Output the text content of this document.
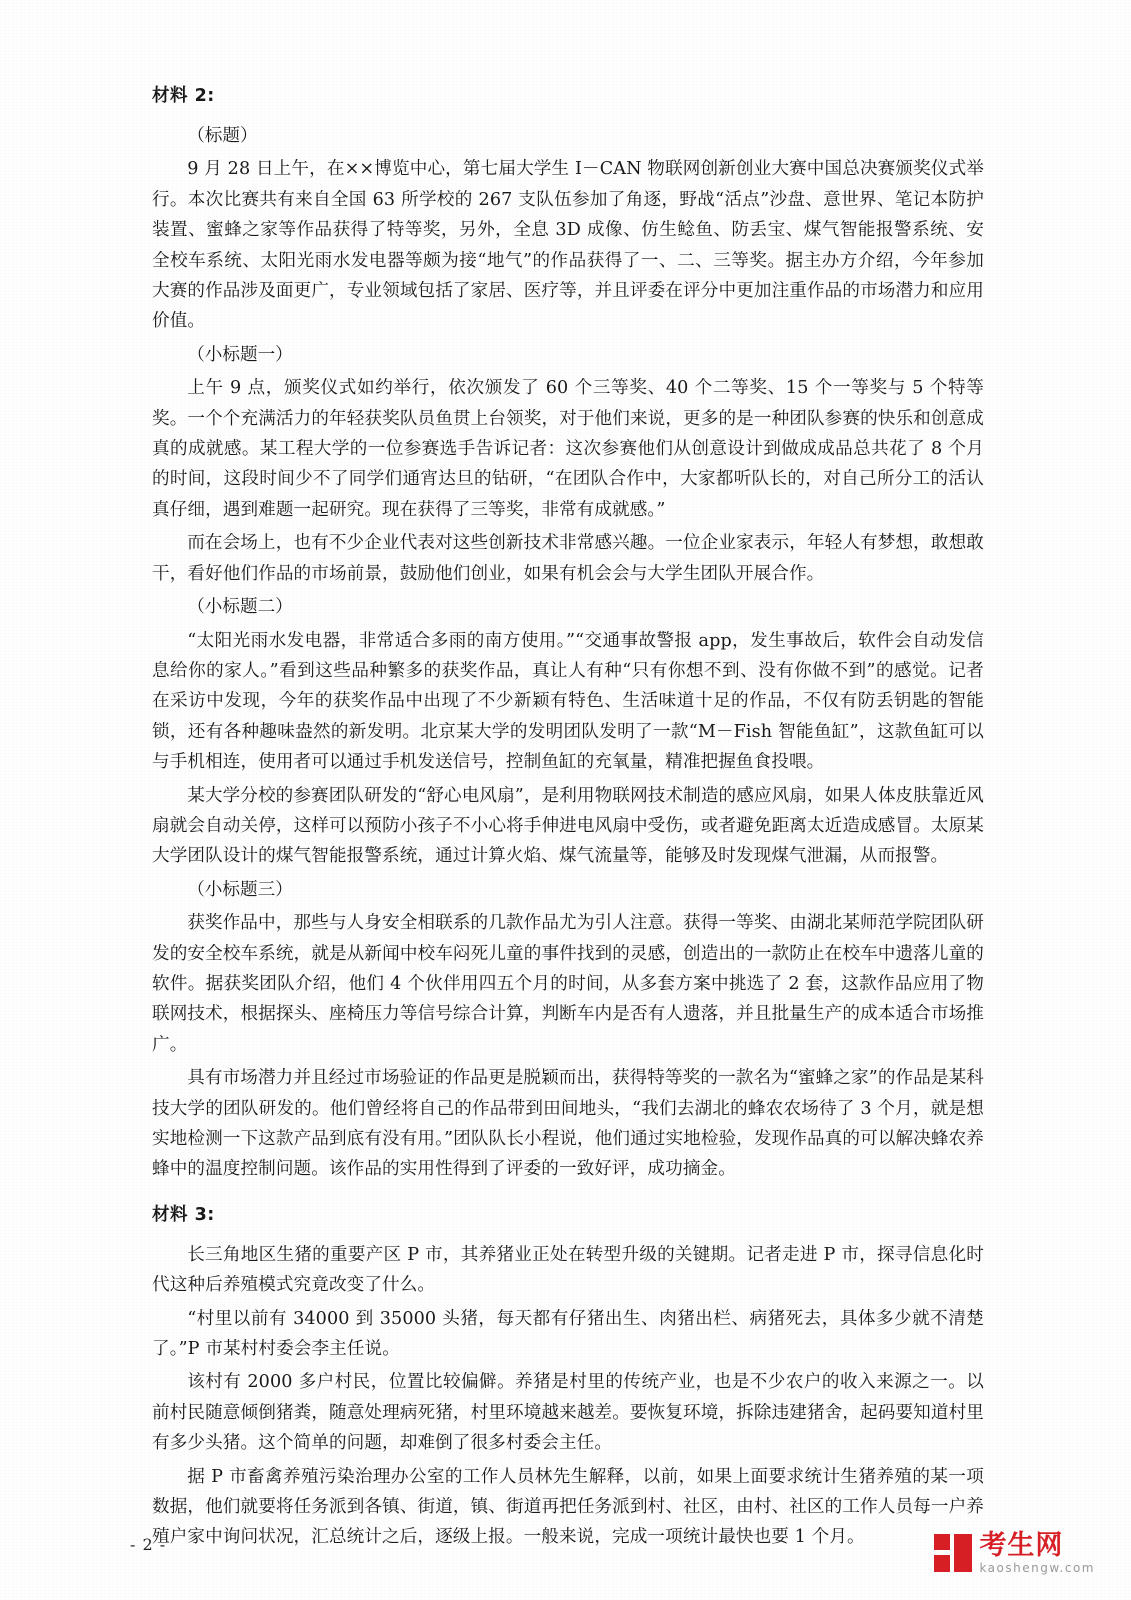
材料 2:

（标题）

9 月 28 日上午，在××博览中心，第七届大学生 I－CAN 物联网创新创业大赛中国总决赛颁奖仪式举行。本次比赛共有来自全国 63 所学校的 267 支队伍参加了角逐，野战“活点”沙盘、意世界、笔记本防护装置、蜜蜂之家等作品获得了特等奖，另外，全息 3D 成像、仿生鲶鱼、防丢宝、煤气智能报警系统、安全校车系统、太阳光雨水发电器等颇为接“地气”的作品获得了一、二、三等奖。据主办方介绍，今年参加大赛的作品涉及面更广，专业领域包括了家居、医疗等，并且评委在评分中更加注重作品的市场潜力和应用价值。

（小标题一）

上午 9 点，颁奖仪式如约举行，依次颁发了 60 个三等奖、40 个二等奖、15 个一等奖与 5 个特等奖。一个个充满活力的年轻获奖队员鱼贯上台领奖，对于他们来说，更多的是一种团队参赛的快乐和创意成真的成就感。某工程大学的一位参赛选手告诉记者：这次参赛他们从创意设计到做成成品总共花了 8 个月的时间，这段时间少不了同学们通宵达旦的钻研，“在团队合作中，大家都听队长的，对自己所分工的活认真仔细，遇到难题一起研究。现在获得了三等奖，非常有成就感。”

而在会场上，也有不少企业代表对这些创新技术非常感兴趣。一位企业家表示，年轻人有梦想，敢想敢干，看好他们作品的市场前景，鼓励他们创业，如果有机会会与大学生团队开展合作。

（小标题二）

“太阳光雨水发电器，非常适合多雨的南方使用。”“交通事故警报 app，发生事故后，软件会自动发信息给你的家人。”看到这些品种繁多的获奖作品，真让人有种“只有你想不到、没有你做不到”的感觉。记者在采访中发现，今年的获奖作品中出现了不少新颖有特色、生活味道十足的作品，不仅有防丢钥匙的智能锁，还有各种趣味盎然的新发明。北京某大学的发明团队发明了一款“M－Fish 智能鱼缸”，这款鱼缸可以与手机相连，使用者可以通过手机发送信号，控制鱼缸的充氧量，精准把握鱼食投喂。

某大学分校的参赛团队研发的“舒心电风扇”，是利用物联网技术制造的感应风扇，如果人体皮肤靠近风扇就会自动关停，这样可以预防小孩子不小心将手伸进电风扇中受伤，或者避免距离太近造成感冒。太原某大学团队设计的煤气智能报警系统，通过计算火焰、煤气流量等，能够及时发现煤气泄漏，从而报警。

（小标题三）

获奖作品中，那些与人身安全相联系的几款作品尤为引人注意。获得一等奖、由湖北某师范学院团队研发的安全校车系统，就是从新闻中校车闷死儿童的事件找到的灵感，创造出的一款防止在校车中遗落儿童的软件。据获奖团队介绍，他们 4 个伙伴用四五个月的时间，从多套方案中挑选了 2 套，这款作品应用了物联网技术，根据探头、座椅压力等信号综合计算，判断车内是否有人遗落，并且批量生产的成本适合市场推广。

具有市场潜力并且经过市场验证的作品更是脱颖而出，获得特等奖的一款名为“蜜蜂之家”的作品是某科技大学的团队研发的。他们曾经将自己的作品带到田间地头，“我们去湖北的蜂农农场待了 3 个月，就是想实地检测一下这款产品到底有没有用。”团队队长小程说，他们通过实地检验，发现作品真的可以解决蜂农养蜂中的温度控制问题。该作品的实用性得到了评委的一致好评，成功摘金。

材料 3:

长三角地区生猪的重要产区 P 市，其养猪业正处在转型升级的关键期。记者走进 P 市，探寻信息化时代这种后养殖模式究竟改变了什么。

“村里以前有 34000 到 35000 头猪，每天都有仔猪出生、肉猪出栏、病猪死去，具体多少就不清楚了。”P 市某村村委会李主任说。

该村有 2000 多户村民，位置比较偏僻。养猪是村里的传统产业，也是不少农户的收入来源之一。以前村民随意倾倒猪粪，随意处理病死猪，村里环境越来越差。要恢复环境，拆除违建猪舍，起码要知道村里有多少头猪。这个简单的问题，却难倒了很多村委会主任。

据 P 市畜禽养殖污染治理办公室的工作人员林先生解释，以前，如果上面要求统计生猪养殖的某一项数据，他们就要将任务派到各镇、街道，镇、街道再把任务派到村、社区，由村、社区的工作人员每一户养殖户家中询问状况，汇总统计之后，逐级上报。一般来说，完成一项统计最快也要 1 个月。

- 2 -	考生网
kaoshengw.com
